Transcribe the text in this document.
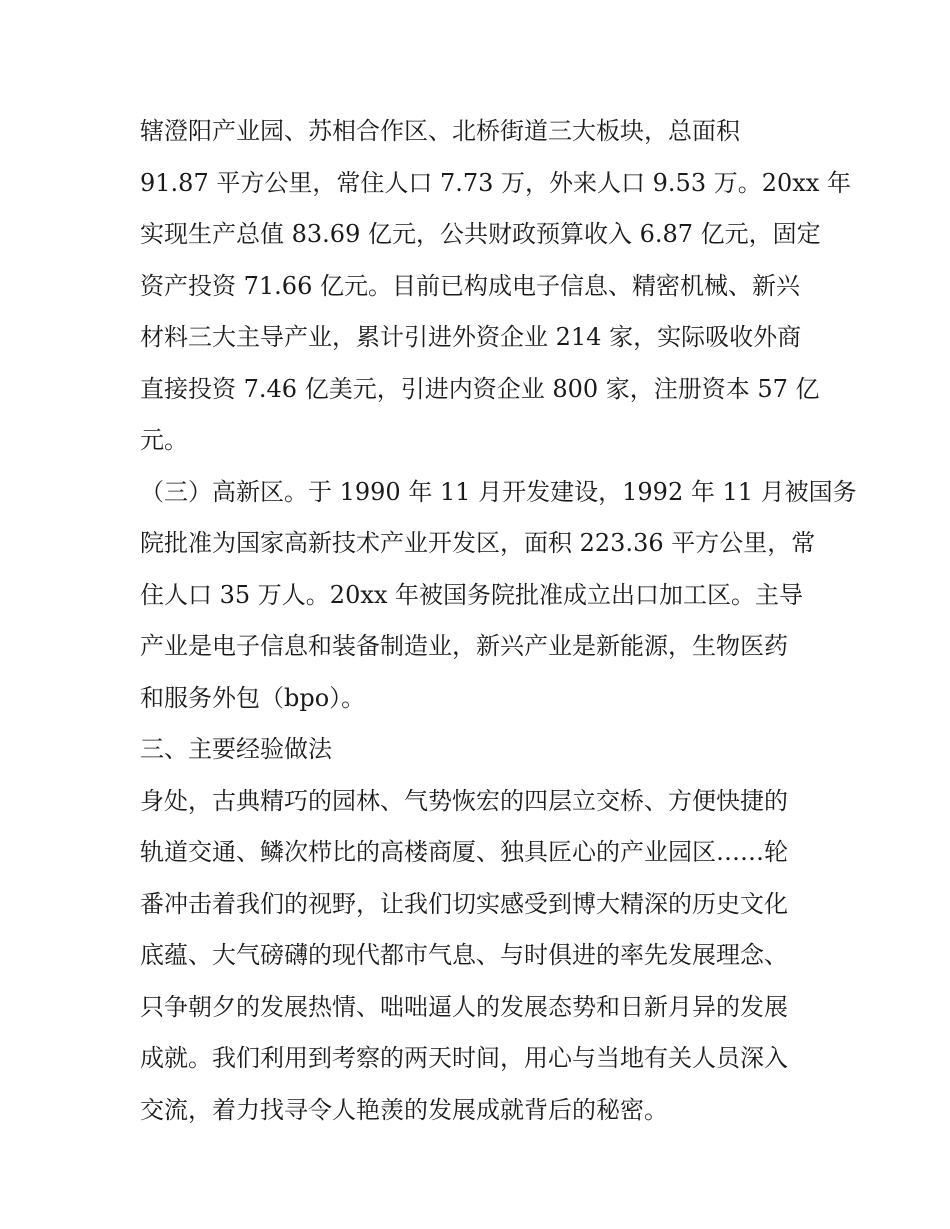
辖澄阳产业园、苏相合作区、北桥街道三大板块，总面积
91.87 平方公里，常住人口 7.73 万，外来人口 9.53 万。20xx 年
实现生产总值 83.69 亿元，公共财政预算收入 6.87 亿元，固定
资产投资 71.66 亿元。目前已构成电子信息、精密机械、新兴
材料三大主导产业，累计引进外资企业 214 家，实际吸收外商
直接投资 7.46 亿美元，引进内资企业 800 家，注册资本 57 亿
元。
（三）高新区。于 1990 年 11 月开发建设，1992 年 11 月被国务
院批准为国家高新技术产业开发区，面积 223.36 平方公里，常
住人口 35 万人。20xx 年被国务院批准成立出口加工区。主导
产业是电子信息和装备制造业，新兴产业是新能源，生物医药
和服务外包（bpo）。
三、主要经验做法
身处，古典精巧的园林、气势恢宏的四层立交桥、方便快捷的
轨道交通、鳞次栉比的高楼商厦、独具匠心的产业园区……轮
番冲击着我们的视野，让我们切实感受到博大精深的历史文化
底蕴、大气磅礴的现代都市气息、与时俱进的率先发展理念、
只争朝夕的发展热情、咄咄逼人的发展态势和日新月异的发展
成就。我们利用到考察的两天时间，用心与当地有关人员深入
交流，着力找寻令人艳羡的发展成就背后的秘密。
